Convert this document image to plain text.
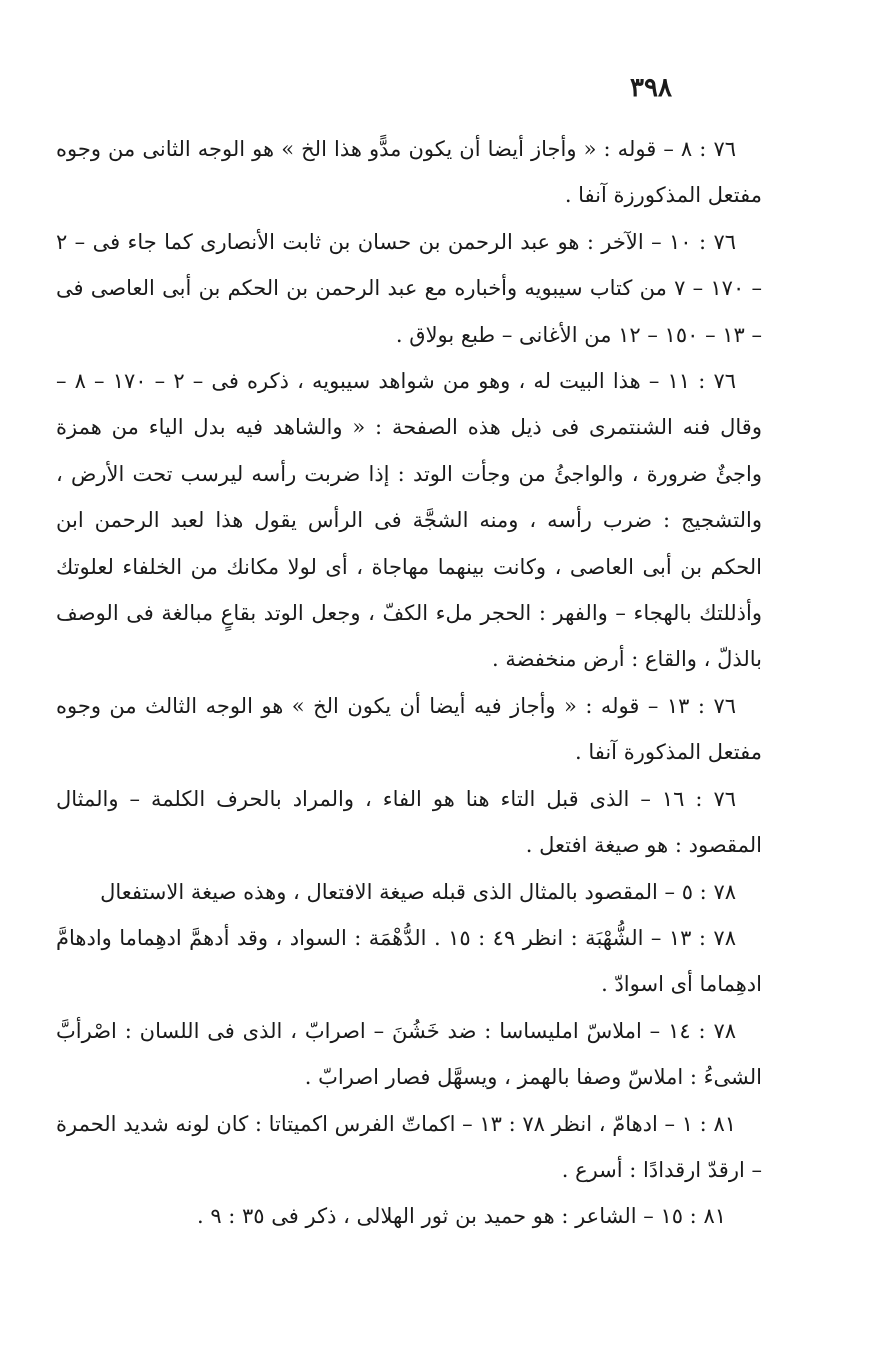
٣٩٨

٧٦ : ٨ – قوله : « وأجاز أيضا أن يكون مدًّو هذا الخ » هو الوجه الثانى من وجوه مفتعل المذكورزة آنفا .

٧٦ : ١٠ – الآخر : هو عبد الرحمن بن حسان بن ثابت الأنصارى كما جاء فى – ٢ – ١٧٠ – ٧ من كتاب سيبويه وأخباره مع عبد الرحمن بن الحكم بن أبى العاصى فى – ١٣ – ١٥٠ – ١٢ من الأغانى – طبع بولاق .

٧٦ : ١١ – هذا البيت له ، وهو من شواهد سيبويه ، ذكره فى – ٢ – ١٧٠ – ٨ – وقال فنه الشنتمرى فى ذيل هذه الصفحة : « والشاهد فيه بدل الياء من همزة واجئٌ ضرورة ، والواجئُ من وجأت الوتد : إذا ضربت رأسه ليرسب تحت الأرض ، والتشجيج : ضرب رأسه ، ومنه الشجَّة فى الرأس يقول هذا لعبد الرحمن ابن الحكم بن أبى العاصى ، وكانت بينهما مهاجاة ، أى لولا مكانك من الخلفاء لعلوتك وأذللتك بالهجاء – والفهر : الحجر ملء الكفّ ، وجعل الوتد بقاعٍ مبالغة فى الوصف بالذلّ ، والقاع : أرض منخفضة .

٧٦ : ١٣ – قوله : « وأجاز فيه أيضا أن يكون الخ » هو الوجه الثالث من وجوه مفتعل المذكورة آنفا .

٧٦ : ١٦ – الذى قبل التاء هنا هو الفاء ، والمراد بالحرف الكلمة – والمثال المقصود : هو صيغة افتعل .

٧٨ : ٥ – المقصود بالمثال الذى قبله صيغة الافتعال ، وهذه صيغة الاستفعال

٧٨ : ١٣ – الشُّهْبَة : انظر ٤٩ : ١٥ . الدُّهْمَة : السواد ، وقد أدهمَّ ادهِماما وادهامَّ ادهِماما أى اسوادّ .

٧٨ : ١٤ – املاسّ امليساسا : ضد خَشُنَ – اصرابّ ، الذى فى اللسان : اصْرأبَّ الشىءُ : املاسّ وصفا بالهمز ، ويسهَّل فصار اصرابّ .

٨١ : ١ – ادهامّ ، انظر ٧٨ : ١٣ – اكماتّ الفرس اكميتاتا : كان لونه شديد الحمرة – ارقدّ ارقدادًا : أسرع .

٨١ : ١٥ – الشاعر : هو حميد بن ثور الهلالى ، ذكر فى ٣٥ : ٩ .
